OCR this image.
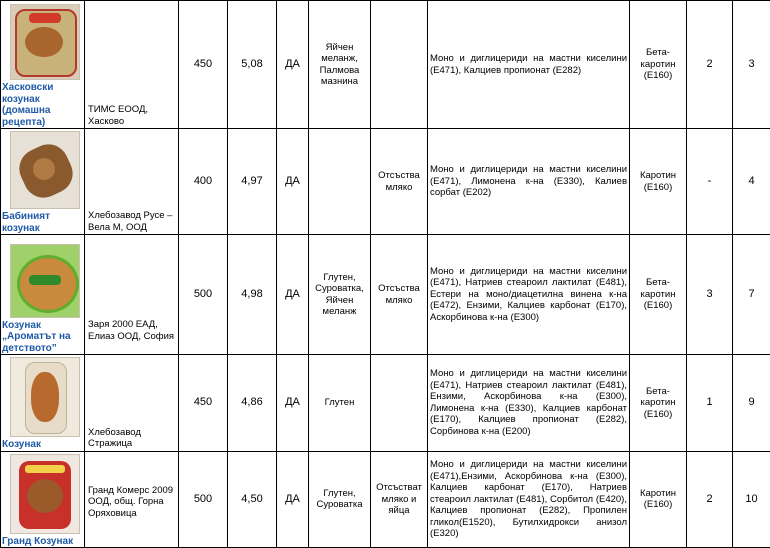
Хасковски козунак (домашна рецепта)	ТИМС ЕООД, Хасково	450	5,08	ДА	Яйчен меланж, Палмова мазнина		Моно и диглицериди на мастни киселини (Е471), Калциев пропионат (Е282)	Бета-каротин (Е160)	2	3

Бабиният козунак	Хлебозавод Русе – Вела М, ООД	400	4,97	ДА		Отсъства мляко	Моно и диглицериди на мастни киселини (Е471), Лимонена к-на (Е330), Калиев сорбат (Е202)	Каротин (Е160)	-	4

Козунак „Ароматът на детството”	Заря 2000 ЕАД, Елиаз ООД, София	500	4,98	ДА	Глутен, Суроватка, Яйчен меланж	Отсъства мляко	Моно и диглицериди на мастни киселини (Е471), Натриев стеароил лактилат (Е481), Естери на моно/диацетилна винена к-на (Е472), Ензими, Калциев карбонат (Е170), Аскорбинова к-на (Е300)	Бета-каротин (Е160)	3	7

Козунак	Хлебозавод Стражица	450	4,86	ДА	Глутен		Моно и диглицериди на мастни киселини (Е471), Натриев стеароил лактилат (Е481), Ензими, Аскорбинова к-на (Е300), Лимонена к-на (Е330), Калциев карбонат (Е170), Калциев пропионат (Е282), Сорбинова к-на (Е200)	Бета-каротин (Е160)	1	9

Гранд Козунак	Гранд Комерс 2009 ООД, общ. Горна Оряховица	500	4,50	ДА	Глутен, Суроватка	Отсъстват мляко и яйца	Моно и диглицериди на мастни киселини (Е471),Ензими, Аскорбинова к-на (Е300), Калциев карбонат (Е170), Натриев стеароил лактилат (Е481), Сорбитол (Е420), Калциев пропионат (Е282), Пропилен гликол(Е1520), Бутилхидрокси анизол (Е320)	Каротин (Е160)	2	10
